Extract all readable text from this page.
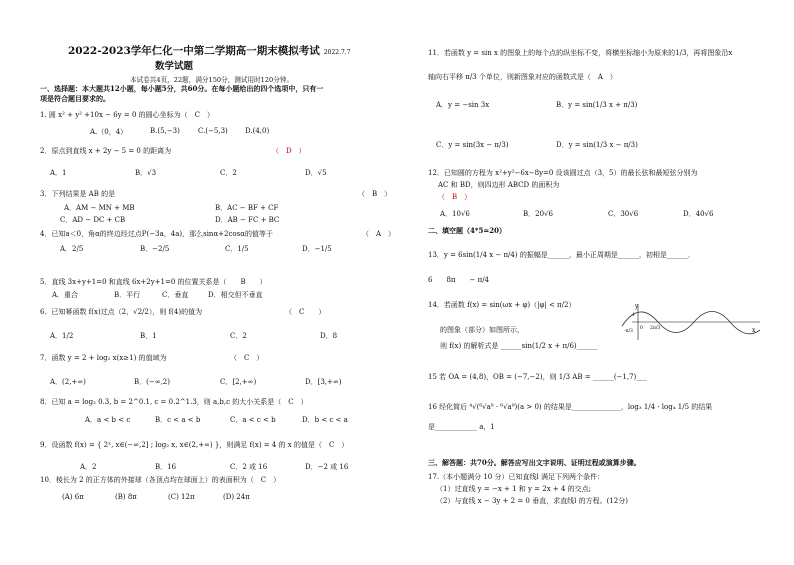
2022-2023学年仁化一中第二学期高一期末模拟考试 2022.7.7
数学试题
本试卷共4页，22题，满分150分，测试用时120分钟。
一、选择题：本大题共12小题，每小题5分，共60分。在每小题给出的四个选项中，只有一
项是符合题目要求的。
1. 圆 x² + y² +10x − 6y = 0 的圆心坐标为（　C　）
A.（0，4）	B.(5,−3)	C.(−5,3) D.(4,0)
2．原点到直线 x + 2y − 5 = 0 的距离为	（　D　）
A．1	B．√3	C．2	D．√5
3．下列结果是 AB 的是	（　B　）
A．AM − MN + MB	B．AC − BF + CF
C．AD − DC + CB	D．AB − FC + BC
4．已知a＜0，角α的终边经过点P(−3a，4a)，那么sinα+2cosα的值等于	（　A　）
A．2/5	B．−2/5	C．1/5	D．−1/5
5．直线 3x+y+1=0 和直线 6x+2y+1=0 的位置关系是（　　B　　）
A．重合	B．平行	C．垂直	D．相交但不垂直
6．已知幂函数 f(x)过点（2，√2/2），则 f(4)的值为	（　C　　）
A．1/2	B．1	C．2	D．8
7．函数 y = 2 + log₂ x(x≥1) 的值域为	（　C　）
A．(2,+∞)	B．(−∞,2)	C．[2,+∞)	D．[3,+∞)
8．已知 a = log₂ 0.3, b = 2^0.1, c = 0.2^1.3，则 a,b,c 的大小关系是（　C　）
A．a < b < c	B．c < a < b	C．a < c < b	D．b < c < a
9．设函数 f(x) = { 2ˣ, x∈(−∞,2] ; log₂ x, x∈(2,+∞) }，则满足 f(x) = 4 的 x 的值是（　C　）
A．2	B．16	C．2 或 16	D．−2 或 16
10．棱长为 2 的正方体的外接球（各顶点均在球面上）的表面积为（　C　）
(A) 6π	(B) 8π	(C) 12π	(D) 24π
11．若函数 y = sin x 的图象上的每个点的纵坐标不变，将横坐标缩小为原来的1/3，再将图象沿x
轴向右平移 π/3 个单位，则新图象对应的函数式是（　A　）
A．y = −sin 3x	B．y = sin(1/3 x + π/3)
C．y = sin(3x − π/3)	D．y = sin(1/3 x − π/3)
12．已知圆的方程为 x²+y²−6x−8y=0 设该圆过点（3，5）的最长弦和最短弦分别为
AC 和 BD，则四边形 ABCD 的面积为
（　B　）
A．10√6	B．20√6	C．30√6	D．40√6
二、填空题（4*5=20）
13．y = 6sin(1/4 x − π/4) 的振幅是______，最小正周期是______，初相是______．
6　　8π　　− π/4
14．若函数 f(x) = sin(ωx + φ)（|φ| < π/2）
的图象（部分）如图所示，
则 f(x) 的解析式是 ______sin(1/2 x + π/6)______
y
x
-π/3
0 2π/3
1
15 若 OA = (4,8)，OB = (−7,−2)，则 1/3 AB = ______(−1,7)___
16 经化简后 ⁴√(⁶√a⁹ · ⁶√a⁹)(a > 0) 的结果是______________，log₃ 1/4 · log₄ 1/5 的结果
是____________ a，1
三、解答题：共70分。解答应写出文字说明、证明过程或演算步骤。
17.（本小题满分 10 分）已知直线l 满足下列两个条件：
（1）过直线 y = −x + 1 和 y = 2x + 4 的交点;
（2）与直线 x − 3y + 2 = 0 垂直，求直线l 的方程。(12分)
